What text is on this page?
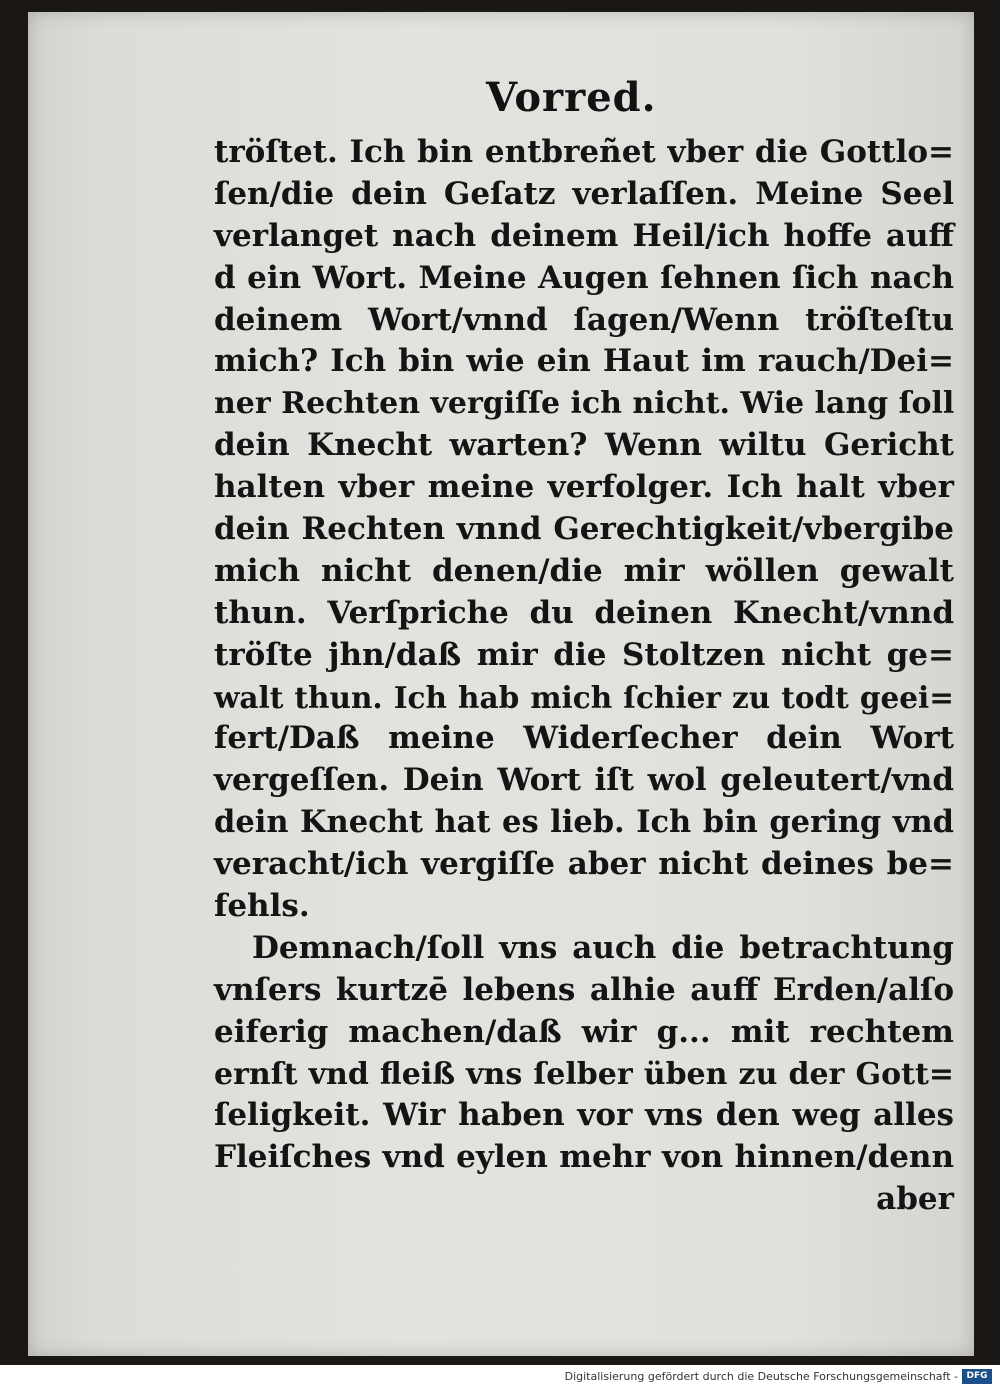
Vorred.
tröſtet. Ich bin entbreñet vber die Gottlo=
ſen/die dein Geſatz verlaſſen. Meine Seel
verlanget nach deinem Heil/ich hoffe auff
d ein Wort. Meine Augen ſehnen ſich nach
deinem Wort/vnnd ſagen/Wenn tröſteſtu
mich? Ich bin wie ein Haut im rauch/Dei=
ner Rechten vergiſſe ich nicht. Wie lang ſoll
dein Knecht warten? Wenn wiltu Gericht
halten vber meine verfolger. Ich halt vber
dein Rechten vnnd Gerechtigkeit/vbergibe
mich nicht denen/die mir wöllen gewalt
thun. Verſpriche du deinen Knecht/vnnd
tröſte jhn/daß mir die Stoltzen nicht ge=
walt thun. Ich hab mich ſchier zu todt geei=
fert/Daß meine Widerſecher dein Wort
vergeſſen. Dein Wort iſt wol geleutert/vnd
dein Knecht hat es lieb. Ich bin gering vnd
veracht/ich vergiſſe aber nicht deines be=
fehls.
Demnach/ſoll vns auch die betrachtung
vnſers kurtzē lebens alhie auff Erden/alſo
eiferig machen/daß wir g... mit rechtem
ernſt vnd fleiß vns ſelber üben zu der Gott=
ſeligkeit. Wir haben vor vns den weg alles
Fleiſches vnd eylen mehr von hinnen/denn
aber
Digitalisierung gefördert durch die Deutsche Forschungsgemeinschaft - DFG
